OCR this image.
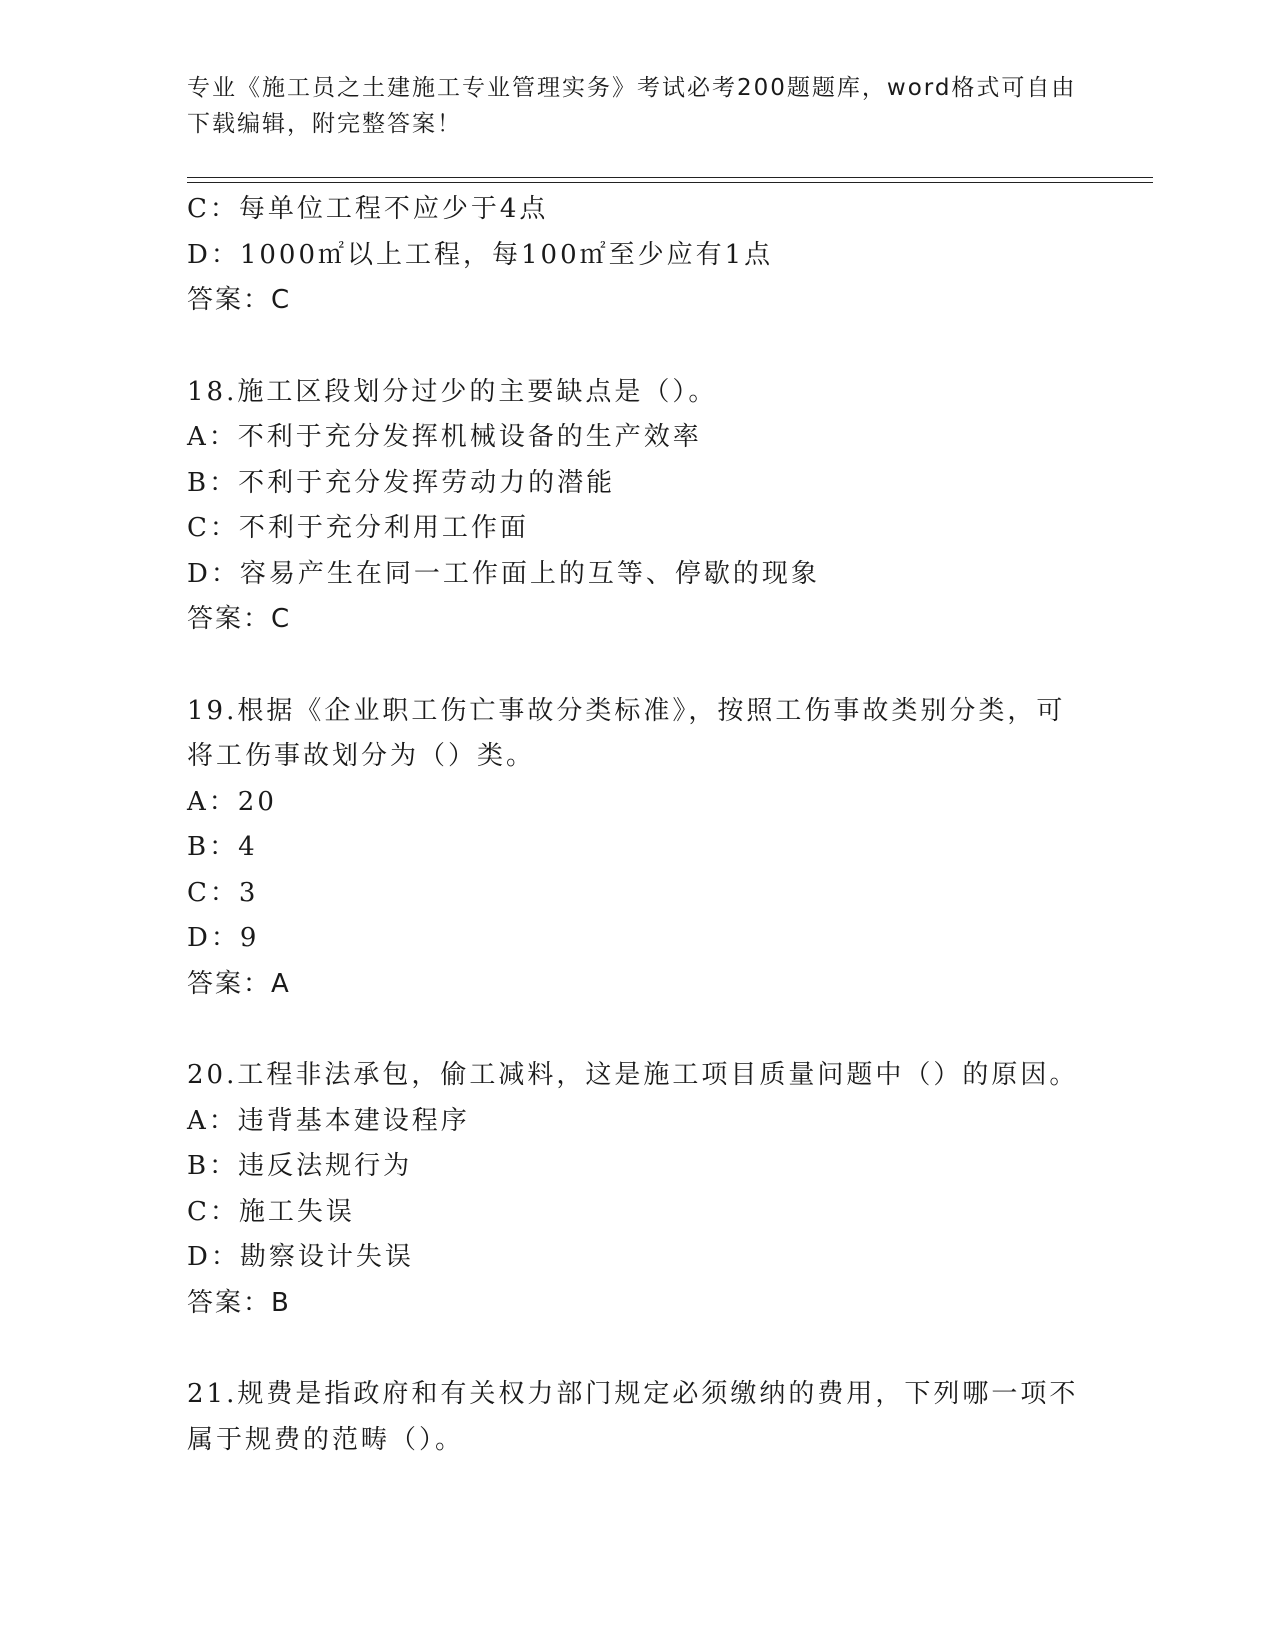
专业《施工员之土建施工专业管理实务》考试必考200题题库，word格式可自由
下载编辑，附完整答案！
C：每单位工程不应少于4点
D：1000㎡以上工程，每100㎡至少应有1点
答案：C
18.施工区段划分过少的主要缺点是（）。
A：不利于充分发挥机械设备的生产效率
B：不利于充分发挥劳动力的潜能
C：不利于充分利用工作面
D：容易产生在同一工作面上的互等、停歇的现象
答案：C
19.根据《企业职工伤亡事故分类标准》，按照工伤事故类别分类，可
将工伤事故划分为（）类。
A：20
B：4
C：3
D：9
答案：A
20.工程非法承包，偷工减料，这是施工项目质量问题中（）的原因。
A：违背基本建设程序
B：违反法规行为
C：施工失误
D：勘察设计失误
答案：B
21.规费是指政府和有关权力部门规定必须缴纳的费用，下列哪一项不
属于规费的范畴（）。
